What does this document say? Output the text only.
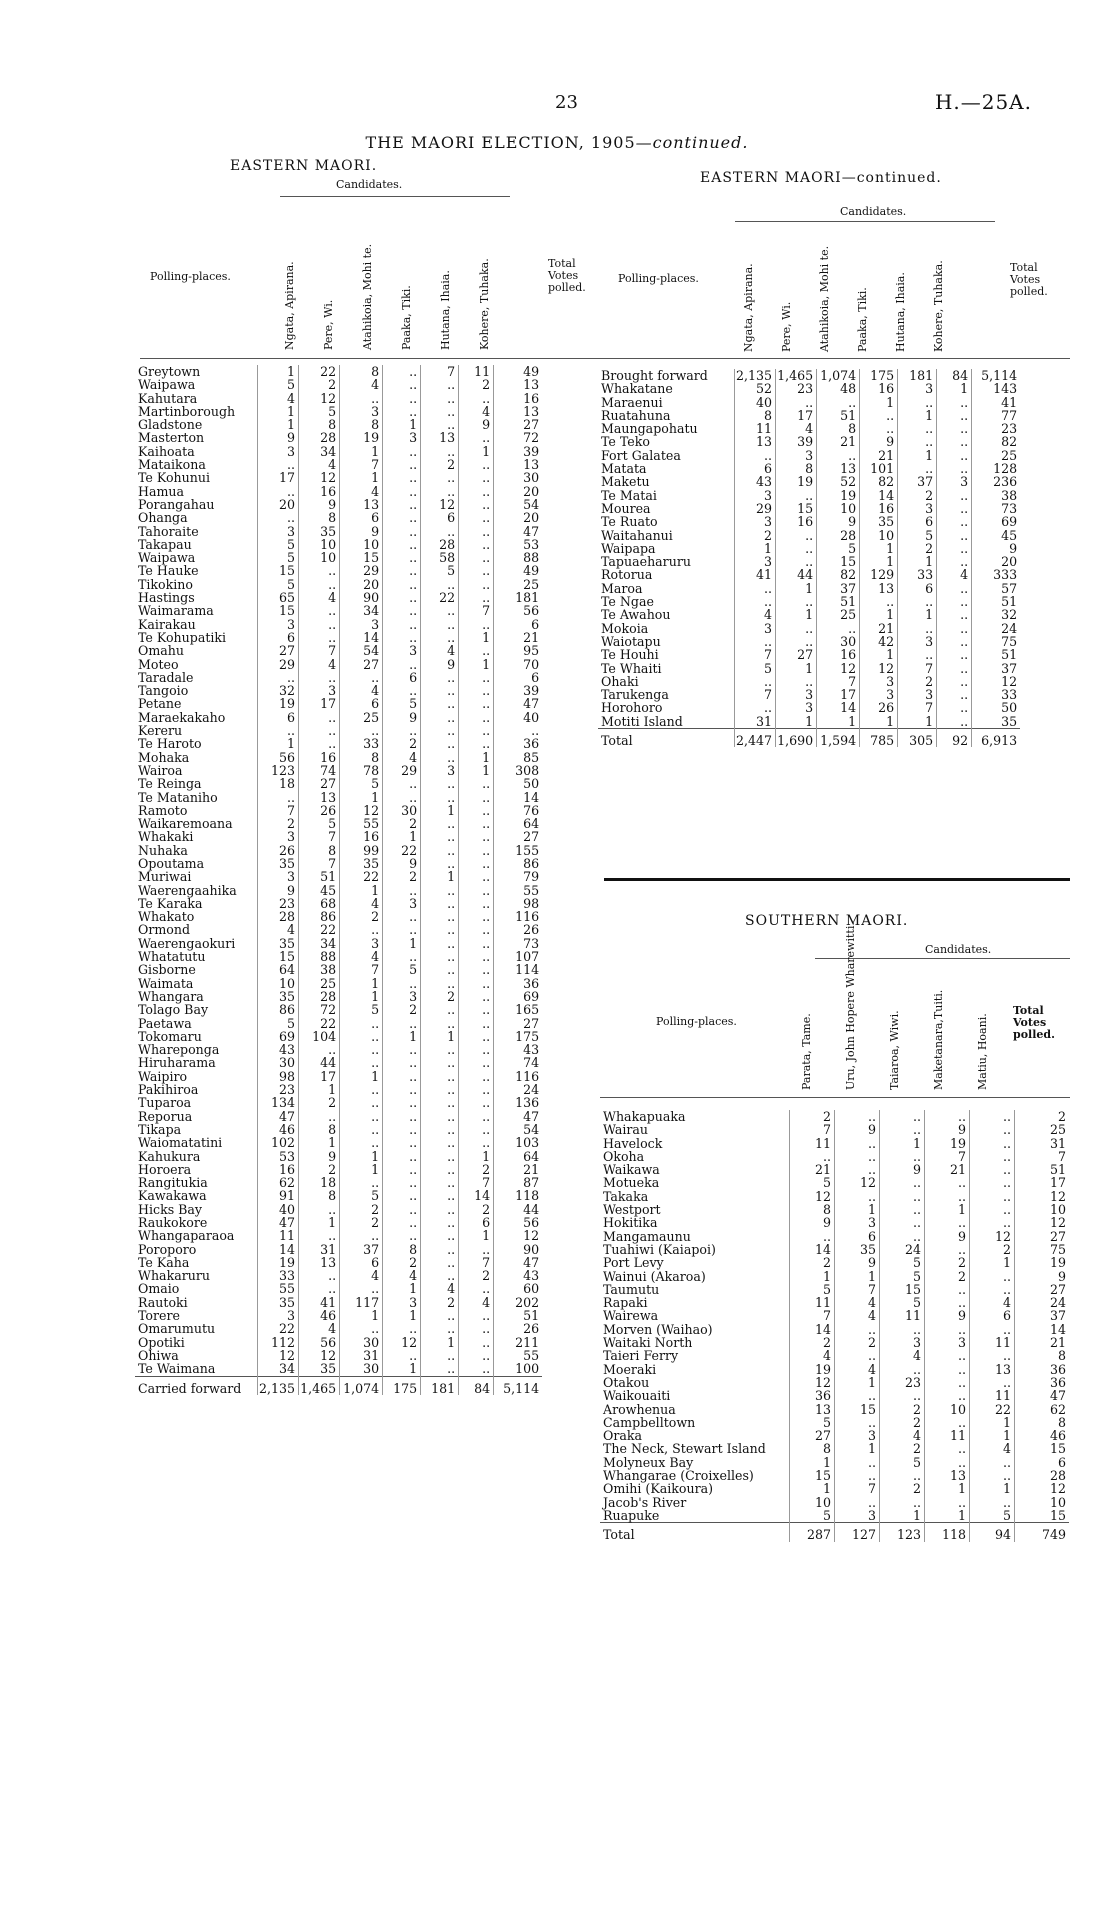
23	H.—25A.
THE MAORI ELECTION, 1905—continued.
EASTERN MAORI.
Candidates.
Polling-places.
Total Votes polled.
Ngata, Apirana. Pere, Wi. Atahikoia, Mohi te. Paaka, Tiki. Hutana, Ihaia. Kohere, Tuhaka.
Greytown	1	22	8	..	7	11	49
Waipawa	5	2	4	..	..	2	13
Kahutara	4	12	..	..	..	..	16
Martinborough	1	5	3	..	..	4	13
Gladstone	1	8	8	1	..	9	27
Masterton	9	28	19	3	13	..	72
Kaihoata	3	34	1	..	..	1	39
Mataikona	..	4	7	..	2	..	13
Te Kohunui	17	12	1	..	..	..	30
Hamua	..	16	4	..	..	..	20
Porangahau	20	9	13	..	12	..	54
Ohanga	..	8	6	..	6	..	20
Tahoraite	3	35	9	..	..	..	47
Takapau	5	10	10	..	28	..	53
Waipawa	5	10	15	..	58	..	88
Te Hauke	15	..	29	..	5	..	49
Tikokino	5	..	20	..	..	..	25
Hastings	65	4	90	..	22	..	181
Waimarama	15	..	34	..	..	7	56
Kairakau	3	..	3	..	..	..	6
Te Kohupatiki	6	..	14	..	..	1	21
Omahu	27	7	54	3	4	..	95
Moteo	29	4	27	..	9	1	70
Taradale	..	..	..	6	..	..	6
Tangoio	32	3	4	..	..	..	39
Petane	19	17	6	5	..	..	47
Maraekakaho	6	..	25	9	..	..	40
Kereru	..	..	..	..	..	..	..
Te Haroto	1	..	33	2	..	..	36
Mohaka	56	16	8	4	..	1	85
Wairoa	123	74	78	29	3	1	308
Te Reinga	18	27	5	..	..	..	50
Te Mataniho	..	13	1	..	..	..	14
Ramoto	7	26	12	30	1	..	76
Waikaremoana	2	5	55	2	..	..	64
Whakaki	3	7	16	1	..	..	27
Nuhaka	26	8	99	22	..	..	155
Opoutama	35	7	35	9	..	..	86
Muriwai	3	51	22	2	1	..	79
Waerengaahika	9	45	1	..	..	..	55
Te Karaka	23	68	4	3	..	..	98
Whakato	28	86	2	..	..	..	116
Ormond	4	22	..	..	..	..	26
Waerengaokuri	35	34	3	1	..	..	73
Whatatutu	15	88	4	..	..	..	107
Gisborne	64	38	7	5	..	..	114
Waimata	10	25	1	..	..	..	36
Whangara	35	28	1	3	2	..	69
Tolago Bay	86	72	5	2	..	..	165
Paetawa	5	22	..	..	..	..	27
Tokomaru	69	104	..	1	1	..	175
Whareponga	43	..	..	..	..	..	43
Hiruharama	30	44	..	..	..	..	74
Waipiro	98	17	1	..	..	..	116
Pakihiroa	23	1	..	..	..	..	24
Tuparoa	134	2	..	..	..	..	136
Reporua	47	..	..	..	..	..	47
Tikapa	46	8	..	..	..	..	54
Waiomatatini	102	1	..	..	..	..	103
Kahukura	53	9	1	..	..	1	64
Horoera	16	2	1	..	..	2	21
Rangitukia	62	18	..	..	..	7	87
Kawakawa	91	8	5	..	..	14	118
Hicks Bay	40	..	2	..	..	2	44
Raukokore	47	1	2	..	..	6	56
Whangaparaoa	11	..	..	..	..	1	12
Poroporo	14	31	37	8	..	..	90
Te Kaha	19	13	6	2	..	7	47
Whakaruru	33	..	4	4	..	2	43
Omaio	55	..	..	1	4	..	60
Rautoki	35	41	117	3	2	4	202
Torere	3	46	1	1	..	..	51
Omarumutu	22	4	..	..	..	..	26
Opotiki	112	56	30	12	1	..	211
Ohiwa	12	12	31	..	..	..	55
Te Waimana	34	35	30	1	..	..	100
Carried forward	2,135	1,465	1,074	175	181	84	5,114
EASTERN MAORI—continued.
Candidates.
Polling-places.
Total Votes polled.
Ngata, Apirana. Pere, Wi. Atahikoia, Mohi te. Paaka, Tiki. Hutana, Ihaia. Kohere, Tuhaka.
Brought forward	2,135	1,465	1,074	175	181	84	5,114
Whakatane	52	23	48	16	3	1	143
Maraenui	40	..	..	1	..	..	41
Ruatahuna	8	17	51	..	1	..	77
Maungapohatu	11	4	8	..	..	..	23
Te Teko	13	39	21	9	..	..	82
Fort Galatea	..	3	..	21	1	..	25
Matata	6	8	13	101	..	..	128
Maketu	43	19	52	82	37	3	236
Te Matai	3	..	19	14	2	..	38
Mourea	29	15	10	16	3	..	73
Te Ruato	3	16	9	35	6	..	69
Waitahanui	2	..	28	10	5	..	45
Waipapa	1	..	5	1	2	..	9
Tapuaeharuru	3	..	15	1	1	..	20
Rotorua	41	44	82	129	33	4	333
Maroa	..	1	37	13	6	..	57
Te Ngae	..	..	51	..	..	..	51
Te Awahou	4	1	25	1	1	..	32
Mokoia	3	..	..	21	..	..	24
Waiotapu	..	..	30	42	3	..	75
Te Houhi	7	27	16	1	..	..	51
Te Whaiti	5	1	12	12	7	..	37
Ohaki	..	..	7	3	2	..	12
Tarukenga	7	3	17	3	3	..	33
Horohoro	..	3	14	26	7	..	50
Motiti Island	31	1	1	1	1	..	35
Total	2,447	1,690	1,594	785	305	92	6,913
SOUTHERN MAORI.
Candidates.
Polling-places.
Total Votes polled.
Parata, Tame.	Uru, John Hopere Wharewitti.	Taiaroa, Wiwi.	Maketanara,Tuiti.	Matiu, Hoani.
Whakapuaka	2	..	..	..	..	2
Wairau	7	9	..	9	..	25
Havelock	11	..	1	19	..	31
Okoha	..	..	..	7	..	7
Waikawa	21	..	9	21	..	51
Motueka	5	12	..	..	..	17
Takaka	12	..	..	..	..	12
Westport	8	1	..	1	..	10
Hokitika	9	3	..	..	..	12
Mangamaunu	..	6	..	9	12	27
Tuahiwi (Kaiapoi)	14	35	24	..	2	75
Port Levy	2	9	5	2	1	19
Wainui (Akaroa)	1	1	5	2	..	9
Taumutu	5	7	15	..	..	27
Rapaki	11	4	5	..	4	24
Wairewa	7	4	11	9	6	37
Morven (Waihao)	14	..	..	..	..	14
Waitaki North	2	2	3	3	11	21
Taieri Ferry	4	..	4	..	..	8
Moeraki	19	4	..	..	13	36
Otakou	12	1	23	..	..	36
Waikouaiti	36	..	..	..	11	47
Arowhenua	13	15	2	10	22	62
Campbelltown	5	..	2	..	1	8
Oraka	27	3	4	11	1	46
The Neck, Stewart Island	8	1	2	..	4	15
Molyneux Bay	1	..	5	..	..	6
Whangarae (Croixelles)	15	..	..	13	..	28
Omihi (Kaikoura)	1	7	2	1	1	12
Jacob's River	10	..	..	..	..	10
Ruapuke	5	3	1	1	5	15
Total	287	127	123	118	94	749
